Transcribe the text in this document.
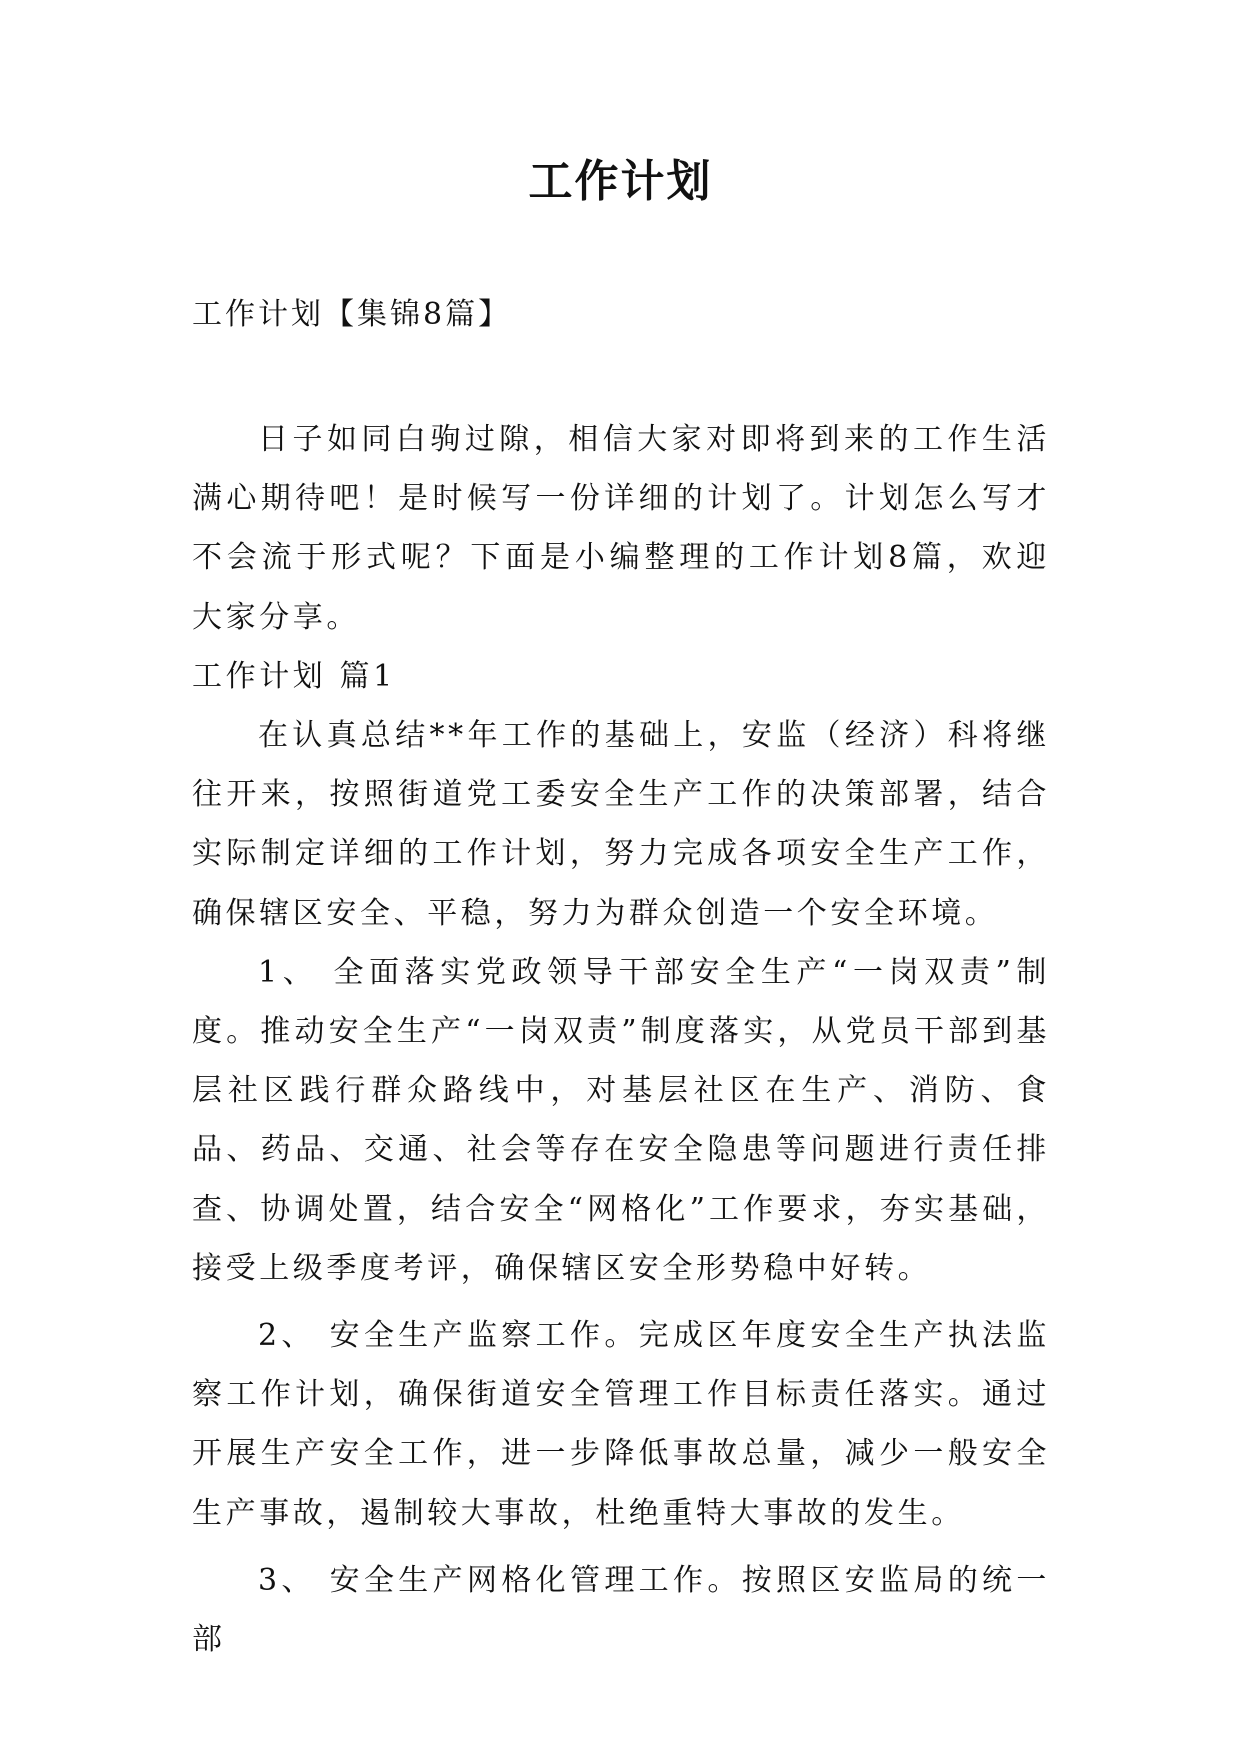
工作计划

工作计划【集锦8篇】

日子如同白驹过隙，相信大家对即将到来的工作生活满心期待吧！是时候写一份详细的计划了。计划怎么写才不会流于形式呢？下面是小编整理的工作计划8篇，欢迎大家分享。

工作计划 篇1

在认真总结**年工作的基础上，安监（经济）科将继往开来，按照街道党工委安全生产工作的决策部署，结合实际制定详细的工作计划，努力完成各项安全生产工作，确保辖区安全、平稳，努力为群众创造一个安全环境。

1、 全面落实党政领导干部安全生产“一岗双责”制度。推动安全生产“一岗双责”制度落实，从党员干部到基层社区践行群众路线中，对基层社区在生产、消防、食品、药品、交通、社会等存在安全隐患等问题进行责任排查、协调处置，结合安全“网格化”工作要求，夯实基础，接受上级季度考评，确保辖区安全形势稳中好转。

2、 安全生产监察工作。完成区年度安全生产执法监察工作计划，确保街道安全管理工作目标责任落实。通过开展生产安全工作，进一步降低事故总量，减少一般安全生产事故，遏制较大事故，杜绝重特大事故的发生。

3、 安全生产网格化管理工作。按照区安监局的统一部
